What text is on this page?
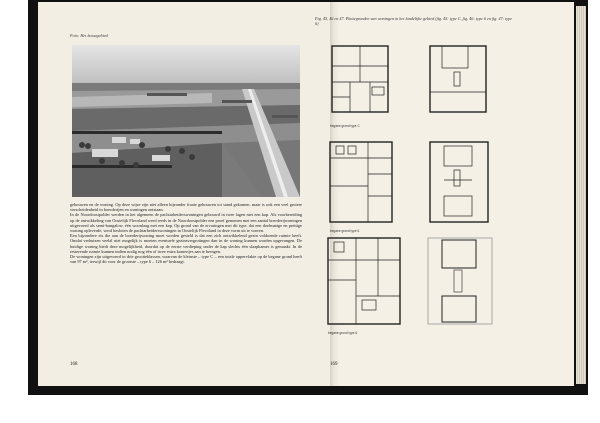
Foto: Het bouwgebied

gebouwen en de woning. Op deze wijze zijn niet alleen bijzonder fraaie gebouwen tot stand gekomen, maar is ook een veel grotere verscheidenheid in boerderijen en woningen ontstaan.

In de Noordoostpolder werden in het algemeen de pachtarbeiderswoningen gebouwd in twee lagen met een kap. Als voorbereiding op de ontwikkeling van Oostelijk Flevoland werd reeds in de Noordoostpolder een proef genomen met een aantal boerderijwoningen uitgevoerd als semi-bungalow, één woonlaag met een kap. Op grond van de ervaringen met dit type, dat een doelmatige en prettige woning opleverde, werd besloten de pachtarbeiderswoningen in Oostelijk Flevoland in deze vorm uit te voeren.

Een bijzondere eis die aan de boerderijwoning moet worden gesteld is dat een zich ontwikkelend gezin voldoende ruimte heeft. Omdat verhuizen veelal niet mogelijk is moeten eventuele gezinsvergrotingen dan in de woning kunnen worden opgevangen. De huidige woning biedt deze mogelijkheid, doordat op de eerste verdieping onder de kap slechts één slaapkamer is gemaakt. In de resterende ruimte kunnen indien nodig nog één of twee extra kamertjes aan te brengen.

De woningen zijn uitgevoerd in drie grootteklassen, waarvan de kleinste – type C – een totale oppervlakte op de begane grond heeft van 97 m², terwijl dit voor de grootste – type 6 – 126 m² bedraagt.

168
Fig. 45, 46 en 47. Plattegronden van woningen in het landelijke gebied (fig. 45: type C, fig. 46: type 6 en fig. 47: type 6)
begane grond type C
begane grond type 6
begane grond type 6
169
